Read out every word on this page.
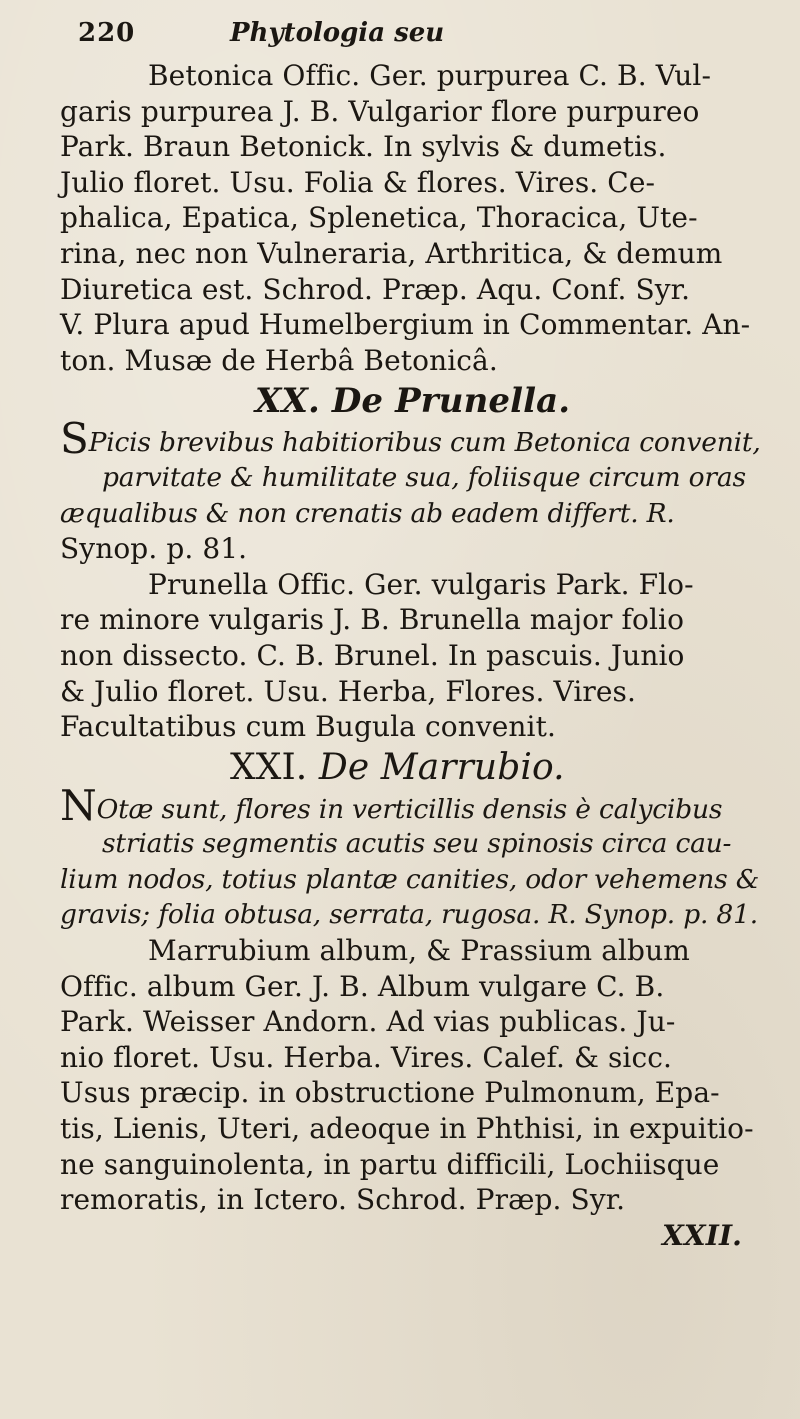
220	Phytologia seu
Betonica Offic. Ger. purpurea C. B. Vul-
garis purpurea J. B. Vulgarior flore purpureo
Park. Braun Betonick. In sylvis & dumetis.
Julio floret. Usu. Folia & flores. Vires. Ce-
phalica, Epatica, Splenetica, Thoracica, Ute-
rina, nec non Vulneraria, Arthritica, & demum
Diuretica est. Schrod. Præp. Aqu. Conf. Syr.
V. Plura apud Humelbergium in Commentar. An-
ton. Musæ de Herbâ Betonicâ.
XX. De Prunella.
SPicis brevibus habitioribus cum Betonica convenit,
parvitate & humilitate sua, foliisque circum oras
æqualibus & non crenatis ab eadem differt. R.
Synop. p. 81.
Prunella Offic. Ger. vulgaris Park. Flo-
re minore vulgaris J. B. Brunella major folio
non dissecto. C. B. Brunel. In pascuis. Junio
& Julio floret. Usu. Herba, Flores. Vires.
Facultatibus cum Bugula convenit.
XXI. De Marrubio.
NOtæ sunt, flores in verticillis densis è calycibus
striatis segmentis acutis seu spinosis circa cau-
lium nodos, totius plantæ canities, odor vehemens &
gravis; folia obtusa, serrata, rugosa. R. Synop. p. 81.
Marrubium album, & Prassium album
Offic. album Ger. J. B. Album vulgare C. B.
Park. Weisser Andorn. Ad vias publicas. Ju-
nio floret. Usu. Herba. Vires. Calef. & sicc.
Usus præcip. in obstructione Pulmonum, Epa-
tis, Lienis, Uteri, adeoque in Phthisi, in expuitio-
ne sanguinolenta, in partu difficili, Lochiisque
remoratis, in Ictero. Schrod. Præp. Syr.
XXII.
